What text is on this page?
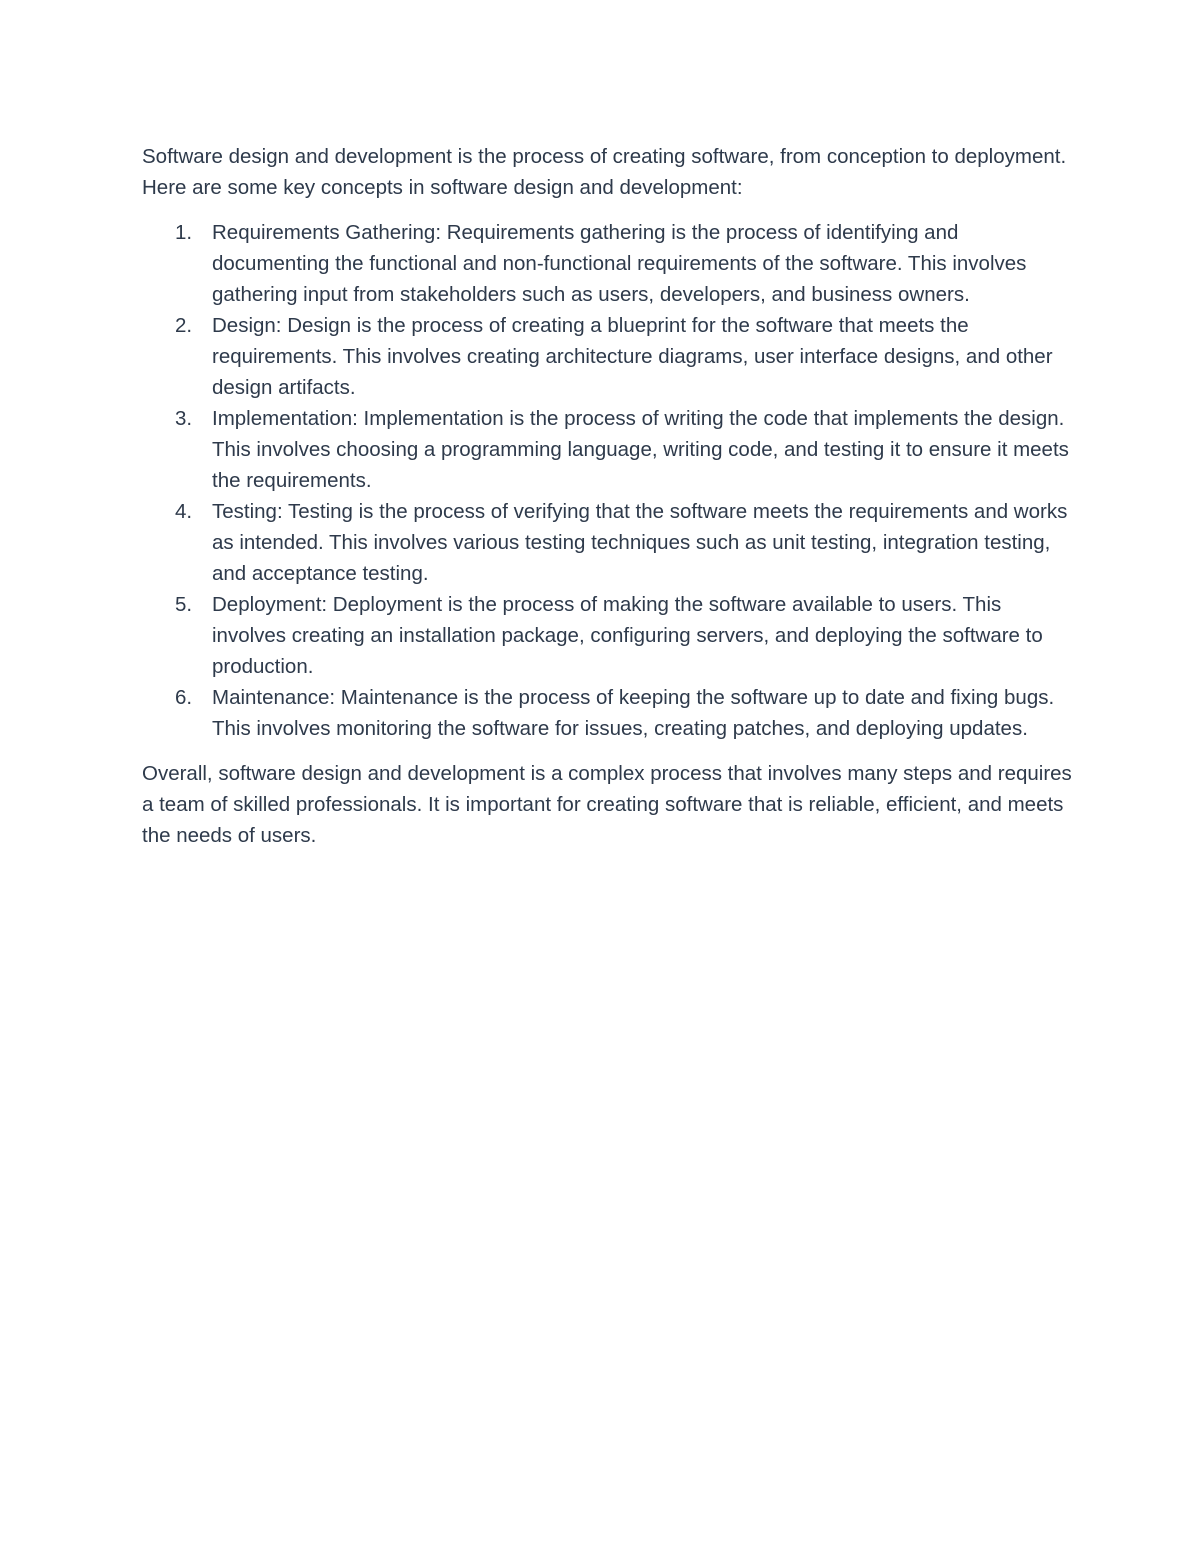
Software design and development is the process of creating software, from conception to deployment. Here are some key concepts in software design and development:

1. Requirements Gathering: Requirements gathering is the process of identifying and documenting the functional and non-functional requirements of the software. This involves gathering input from stakeholders such as users, developers, and business owners.
2. Design: Design is the process of creating a blueprint for the software that meets the requirements. This involves creating architecture diagrams, user interface designs, and other design artifacts.
3. Implementation: Implementation is the process of writing the code that implements the design. This involves choosing a programming language, writing code, and testing it to ensure it meets the requirements.
4. Testing: Testing is the process of verifying that the software meets the requirements and works as intended. This involves various testing techniques such as unit testing, integration testing, and acceptance testing.
5. Deployment: Deployment is the process of making the software available to users. This involves creating an installation package, configuring servers, and deploying the software to production.
6. Maintenance: Maintenance is the process of keeping the software up to date and fixing bugs. This involves monitoring the software for issues, creating patches, and deploying updates.

Overall, software design and development is a complex process that involves many steps and requires a team of skilled professionals. It is important for creating software that is reliable, efficient, and meets the needs of users.
